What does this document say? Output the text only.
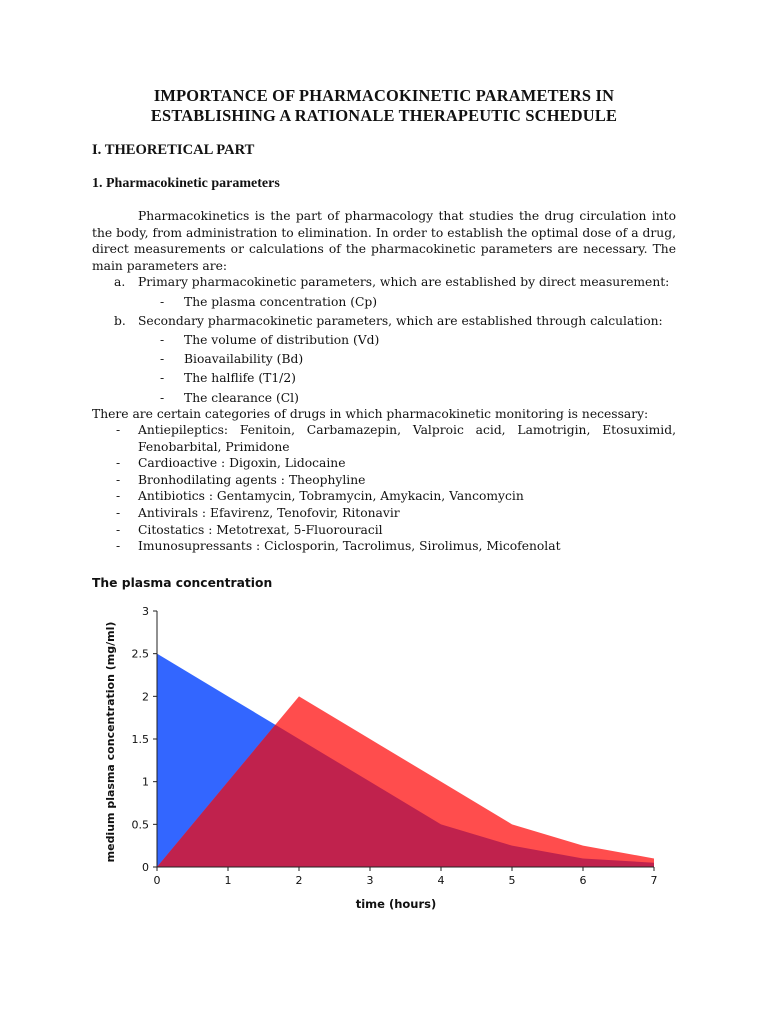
IMPORTANCE OF PHARMACOKINETIC PARAMETERS IN
ESTABLISHING A RATIONALE THERAPEUTIC SCHEDULE
I. THEORETICAL PART
1. Pharmacokinetic parameters

Pharmacokinetics is the part of pharmacology that studies the drug circulation into the body, from administration to elimination. In order to establish the optimal dose of a drug, direct measurements or calculations of the pharmacokinetic parameters are necessary. The main parameters are:

a. Primary pharmacokinetic parameters, which are established by direct measurement:
- The plasma concentration (Cp)
b. Secondary pharmacokinetic parameters, which are established through calculation:
- The volume of distribution (Vd)
- Bioavailability (Bd)
- The halflife (T1/2)
- The clearance (Cl)

There are certain categories of drugs in which pharmacokinetic monitoring is necessary:

- Antiepileptics: Fenitoin, Carbamazepin, Valproic acid, Lamotrigin, Etosuximid, Fenobarbital, Primidone
- Cardioactive : Digoxin, Lidocaine
- Bronhodilating agents : Theophyline
- Antibiotics : Gentamycin, Tobramycin, Amykacin, Vancomycin
- Antivirals : Efavirenz, Tenofovir, Ritonavir
- Citostatics : Metotrexat, 5-Fluorouracil
- Imunosupressants : Ciclosporin, Tacrolimus, Sirolimus, Micofenolat
The plasma concentration
0
0.5
1
1.5
2
2.5
3
0	1	2	3	4	5	6	7
time (hours)
medium plasma concentration (mg/ml)
